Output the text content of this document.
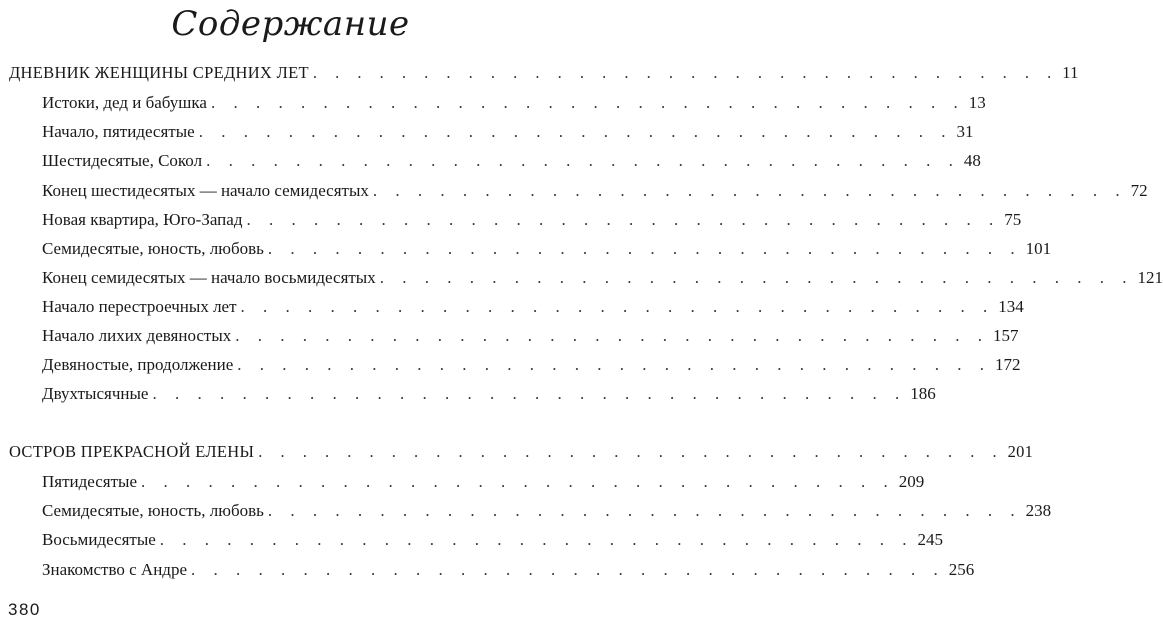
Содержание
ДНЕВНИК ЖЕНЩИНЫ СРЕДНИХ ЛЕТ . . . . . . . . . . . . . . . . . . . . . . . . . . . . . . . . . . 11
Истоки, дед и бабушка . . . . . . . . . . . . . . . . . . . . . . . . . . . . . . . . . . 13
Начало, пятидесятые . . . . . . . . . . . . . . . . . . . . . . . . . . . . . . . . . . 31
Шестидесятые, Сокол . . . . . . . . . . . . . . . . . . . . . . . . . . . . . . . . . . 48
Конец шестидесятых — начало семидесятых . . . . . . . . . . . . . . . . . . . . . . . . . . . . . . . . . . 72
Новая квартира, Юго-Запад . . . . . . . . . . . . . . . . . . . . . . . . . . . . . . . . . . 75
Семидесятые, юность, любовь . . . . . . . . . . . . . . . . . . . . . . . . . . . . . . . . . . 101
Конец семидесятых — начало восьмидесятых . . . . . . . . . . . . . . . . . . . . . . . . . . . . . . . . . . 121
Начало перестроечных лет . . . . . . . . . . . . . . . . . . . . . . . . . . . . . . . . . . 134
Начало лихих девяностых . . . . . . . . . . . . . . . . . . . . . . . . . . . . . . . . . . 157
Девяностые, продолжение . . . . . . . . . . . . . . . . . . . . . . . . . . . . . . . . . . 172
Двухтысячные . . . . . . . . . . . . . . . . . . . . . . . . . . . . . . . . . . 186
ОСТРОВ ПРЕКРАСНОЙ ЕЛЕНЫ . . . . . . . . . . . . . . . . . . . . . . . . . . . . . . . . . . 201
Пятидесятые . . . . . . . . . . . . . . . . . . . . . . . . . . . . . . . . . . 209
Семидесятые, юность, любовь . . . . . . . . . . . . . . . . . . . . . . . . . . . . . . . . . . 238
Восьмидесятые . . . . . . . . . . . . . . . . . . . . . . . . . . . . . . . . . . 245
Знакомство с Андре . . . . . . . . . . . . . . . . . . . . . . . . . . . . . . . . . . 256
380
